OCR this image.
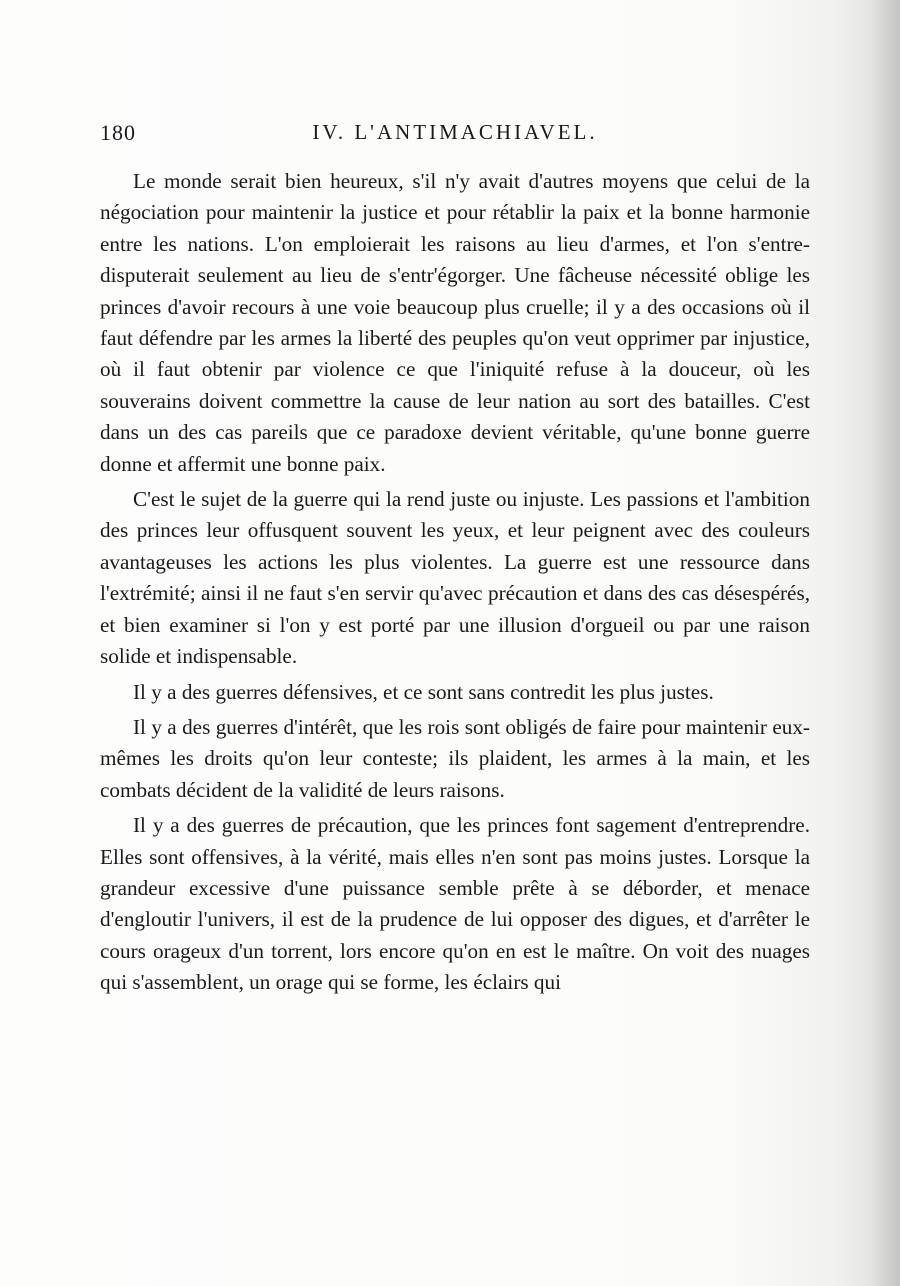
180	IV. L'ANTIMACHIAVEL.

Le monde serait bien heureux, s'il n'y avait d'autres moyens que celui de la négociation pour maintenir la justice et pour rétablir la paix et la bonne harmonie entre les nations. L'on emploierait les raisons au lieu d'armes, et l'on s'entre-disputerait seulement au lieu de s'entr'égorger. Une fâcheuse nécessité oblige les princes d'avoir recours à une voie beaucoup plus cruelle; il y a des occasions où il faut défendre par les armes la liberté des peuples qu'on veut opprimer par injustice, où il faut obtenir par violence ce que l'iniquité refuse à la douceur, où les souverains doivent commettre la cause de leur nation au sort des batailles. C'est dans un des cas pareils que ce paradoxe devient véritable, qu'une bonne guerre donne et affermit une bonne paix.

C'est le sujet de la guerre qui la rend juste ou injuste. Les passions et l'ambition des princes leur offusquent souvent les yeux, et leur peignent avec des couleurs avantageuses les actions les plus violentes. La guerre est une ressource dans l'extrémité; ainsi il ne faut s'en servir qu'avec précaution et dans des cas désespérés, et bien examiner si l'on y est porté par une illusion d'orgueil ou par une raison solide et indispensable.

Il y a des guerres défensives, et ce sont sans contredit les plus justes.

Il y a des guerres d'intérêt, que les rois sont obligés de faire pour maintenir eux-mêmes les droits qu'on leur conteste; ils plaident, les armes à la main, et les combats décident de la validité de leurs raisons.

Il y a des guerres de précaution, que les princes font sagement d'entreprendre. Elles sont offensives, à la vérité, mais elles n'en sont pas moins justes. Lorsque la grandeur excessive d'une puissance semble prête à se déborder, et menace d'engloutir l'univers, il est de la prudence de lui opposer des digues, et d'arrêter le cours orageux d'un torrent, lors encore qu'on en est le maître. On voit des nuages qui s'assemblent, un orage qui se forme, les éclairs qui
